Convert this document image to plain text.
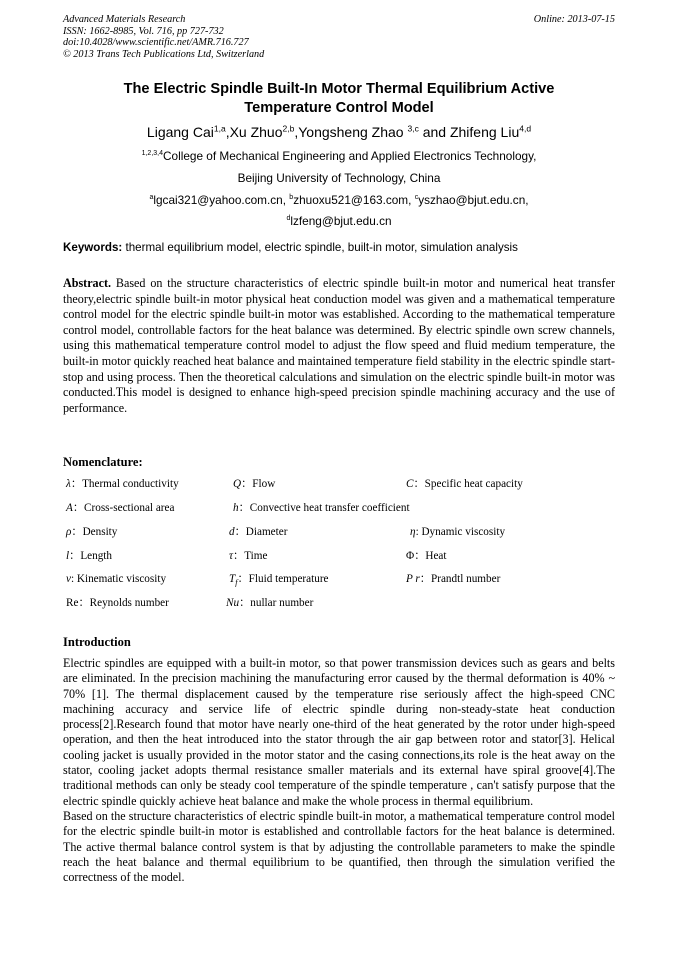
Advanced Materials Research
ISSN: 1662-8985, Vol. 716, pp 727-732
doi:10.4028/www.scientific.net/AMR.716.727
© 2013 Trans Tech Publications Ltd, Switzerland
Online: 2013-07-15
The Electric Spindle Built-In Motor Thermal Equilibrium Active
Temperature Control Model
Ligang Cai$^{1,a}$,Xu Zhuo$^{2,b}$,Yongsheng Zhao $^{3,c}$ and Zhifeng Liu$^{4,d}$
$^{1,2,3,4}$College of Mechanical Engineering and Applied Electronics Technology,
Beijing University of Technology, China
$^a$lgcai321@yahoo.com.cn, $^b$zhuoxu521@163.com, $^c$yszhao@bjut.edu.cn,
$^d$lzfeng@bjut.edu.cn
Keywords: thermal equilibrium model, electric spindle, built-in motor, simulation analysis
Abstract. Based on the structure characteristics of electric spindle built-in motor and numerical heat transfer theory,electric spindle built-in motor physical heat conduction model was given and a mathematical temperature control model for the electric spindle built-in motor was established. According to the mathematical temperature control model, controllable factors for the heat balance was determined. By electric spindle own screw channels, using this mathematical temperature control model to adjust the flow speed and fluid medium temperature, the built-in motor quickly reached heat balance and maintained temperature field stability in the electric spindle start-stop and using process. Then the theoretical calculations and simulation on the electric spindle built-in motor was conducted.This model is designed to enhance high-speed precision spindle machining accuracy and the use of performance.
Nomenclature:
λ：Thermal conductivity	Q：Flow	C：Specific heat capacity
A：Cross-sectional area	h：Convective heat transfer coefficient
ρ：Density	d：Diameter	η: Dynamic viscosity
l：Length	τ：Time	Φ：Heat
ν: Kinematic viscosity	$T_f$：Fluid temperature	P r：Prandtl number
Re：Reynolds number	Nu：nullar number
Introduction

Electric spindles are equipped with a built-in motor, so that power transmission devices such as gears and belts are eliminated. In the precision machining the manufacturing error caused by the thermal deformation is 40% ~ 70% [1]. The thermal displacement caused by the temperature rise seriously affect the high-speed CNC machining accuracy and service life of electric spindle during non-steady-state heat conduction process[2].Research found that motor have nearly one-third of the heat generated by the rotor under high-speed operation, and then the heat introduced into the stator through the air gap between rotor and stator[3]. Helical cooling jacket is usually provided in the motor stator and the casing connections,its role is the heat away on the stator, cooling jacket adopts thermal resistance smaller materials and its external have spiral groove[4].The traditional methods can only be steady cool temperature of the spindle temperature , can't satisfy purpose that the electric spindle quickly achieve heat balance and make the whole process in thermal equilibrium.

Based on the structure characteristics of electric spindle built-in motor, a mathematical temperature control model for the electric spindle built-in motor is established and controllable factors for the heat balance is determined. The active thermal balance control system is that by adjusting the controllable parameters to make the spindle reach the heat balance and thermal equilibrium to be quantified, then through the simulation verified the correctness of the model.
